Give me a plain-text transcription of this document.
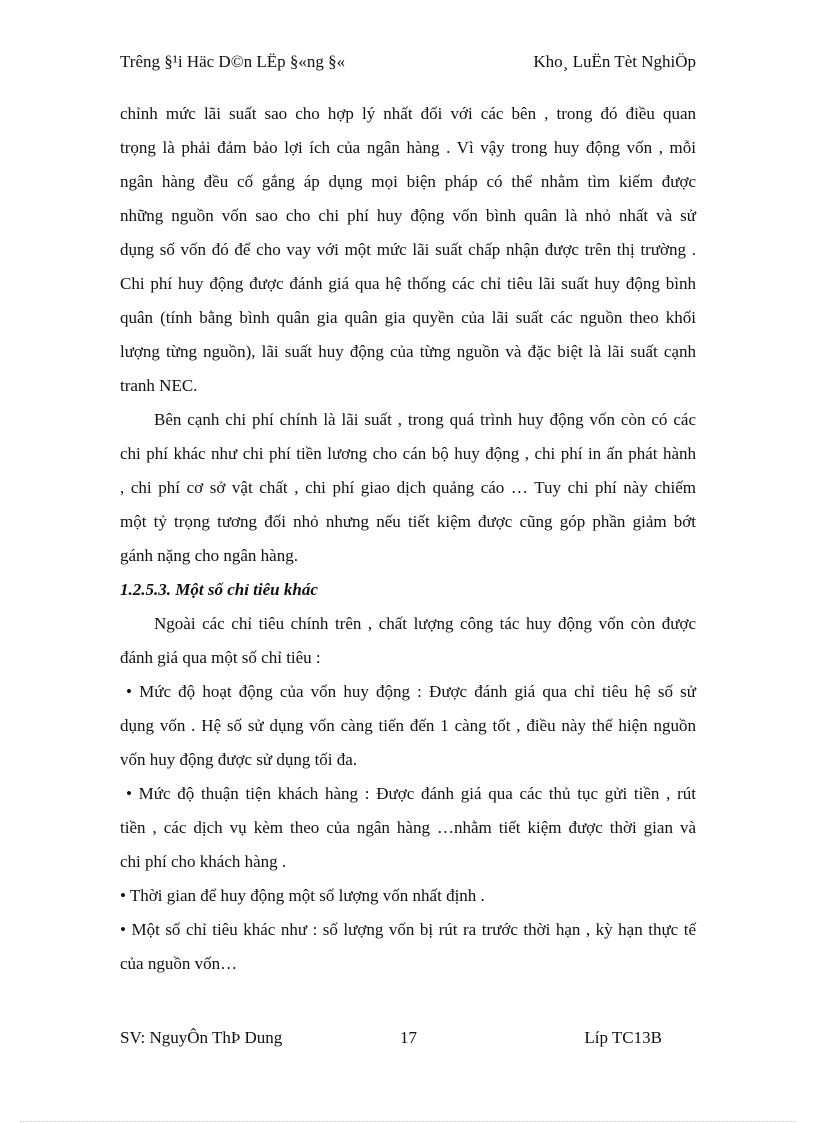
Trêng §¹i Häc D©n LËp §«ng §«	Kho¸ LuËn Tèt NghiÖp
chỉnh mức lãi suất sao cho hợp lý nhất đối với các bên , trong đó điều quan
trọng là phải đảm bảo lợi ích của ngân hàng . Vì vậy trong huy động vốn , mỗi
ngân hàng đều cố gắng áp dụng mọi biện pháp có thể nhằm tìm kiếm được
những nguồn vốn sao cho chi phí huy động vốn bình quân là nhỏ nhất và sử
dụng số vốn đó để cho vay với một mức lãi suất chấp nhận được trên thị trường .
Chi phí huy động được đánh giá qua hệ thống các chỉ tiêu lãi suất huy động bình
quân (tính bằng bình quân gia quân gia quyền của lãi suất các nguồn theo khối
lượng từng nguồn), lãi suất huy động của từng nguồn và đặc biệt là lãi suất cạnh
tranh NEC.
Bên cạnh chi phí chính là lãi suất , trong quá trình huy động vốn còn có các
chi phí khác như chi phí tiền lương cho cán bộ huy động , chi phí in ấn phát hành
, chi phí cơ sở vật chất , chi phí giao dịch quảng cáo … Tuy chi phí này chiếm
một tỷ trọng tương đối nhỏ nhưng nếu tiết kiệm được cũng góp phần giảm bớt
gánh nặng cho ngân hàng.
1.2.5.3. Một số chỉ tiêu khác
Ngoài các chỉ tiêu chính trên , chất lượng công tác huy động vốn còn được
đánh giá qua một số chỉ tiêu :
• Mức độ hoạt động của vốn huy động : Được đánh giá qua chỉ tiêu hệ số sử
dụng vốn . Hệ số sử dụng vốn càng tiến đến 1 càng tốt , điều này thể hiện nguồn
vốn huy động được sử dụng tối đa.
• Mức độ thuận tiện khách hàng : Được đánh giá qua các thủ tục gửi tiền , rút
tiền , các dịch vụ kèm theo của ngân hàng …nhằm tiết kiệm được thời gian và
chi phí cho khách hàng .
• Thời gian để huy động một số lượng vốn nhất định .
• Một số chỉ tiêu khác như : số lượng vốn bị rút ra trước thời hạn , kỳ hạn thực tế
của nguồn vốn…
SV: NguyÔn ThÞ Dung	17	Líp TC13B
